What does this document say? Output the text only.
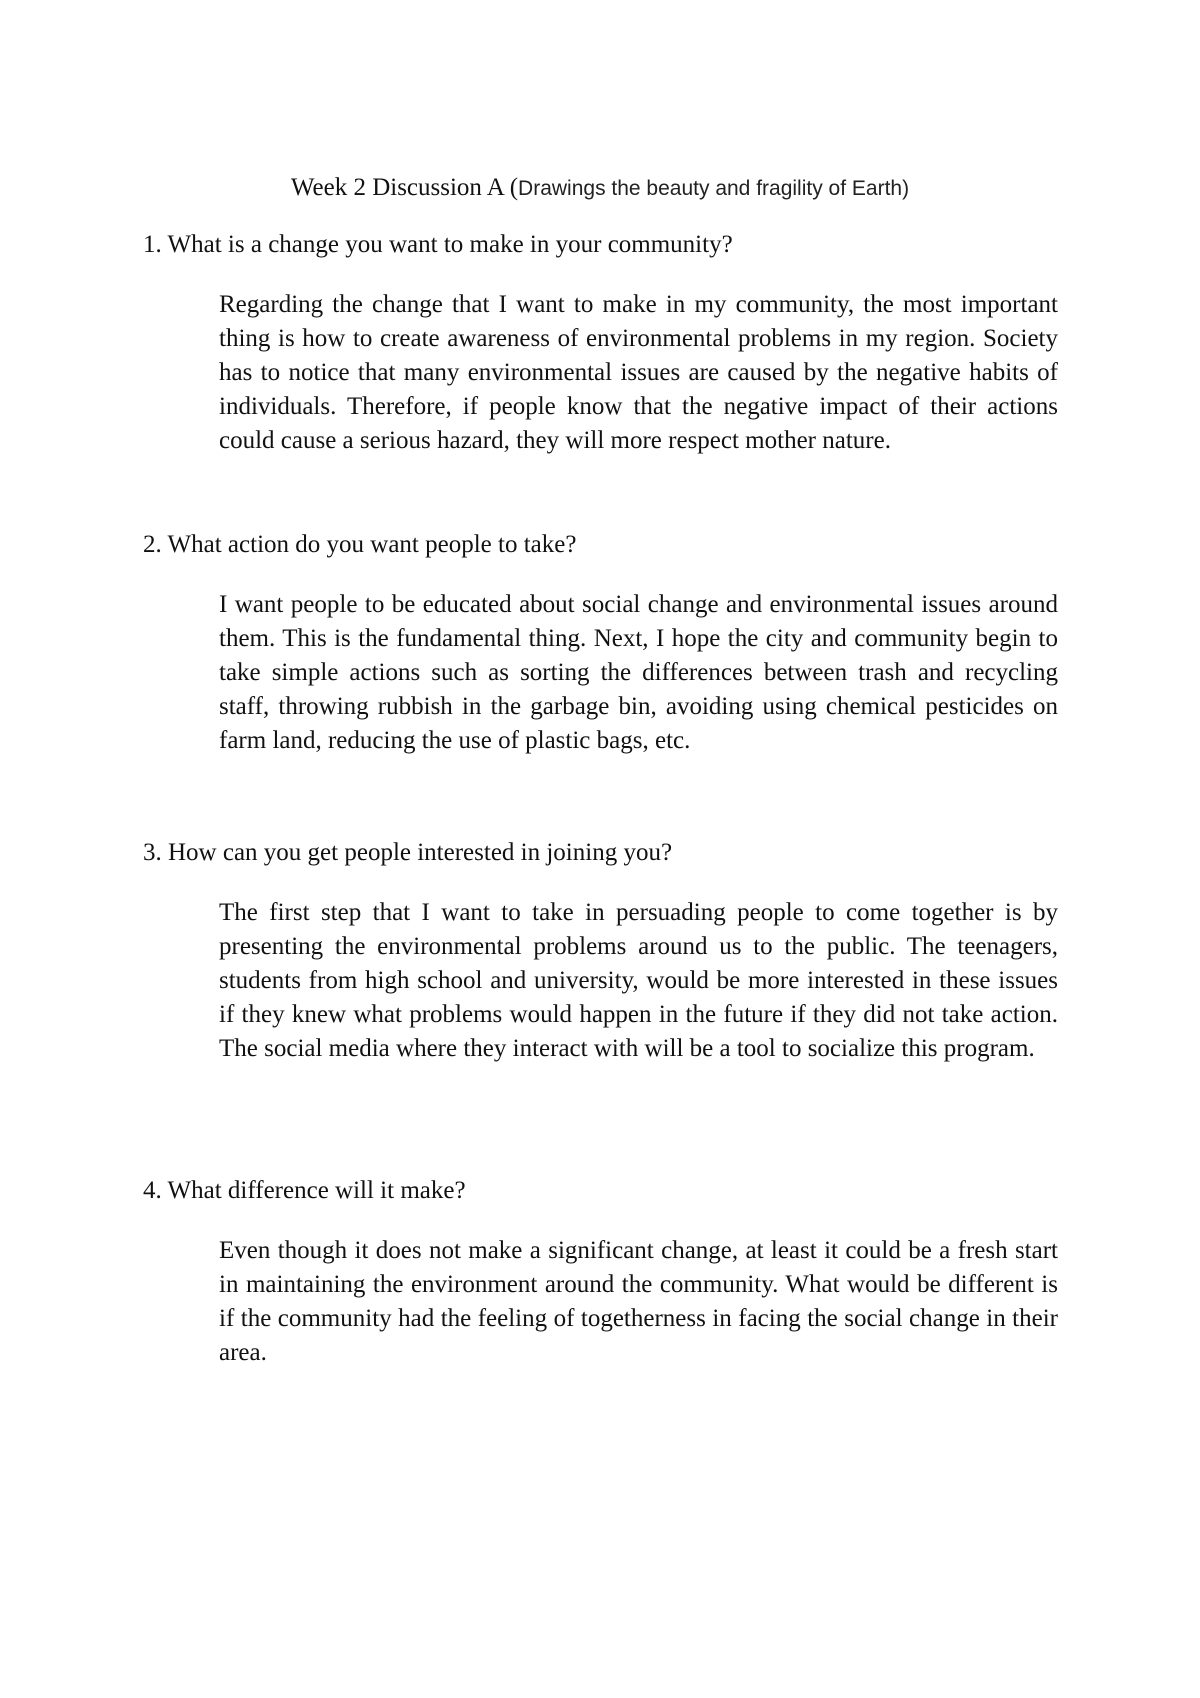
Week 2 Discussion A (Drawings the beauty and fragility of Earth)
1. What is a change you want to make in your community?
Regarding the change that I want to make in my community, the most important thing is how to create awareness of environmental problems in my region. Society has to notice that many environmental issues are caused by the negative habits of individuals. Therefore, if people know that the negative impact of their actions could cause a serious hazard, they will more respect mother nature.
2. What action do you want people to take?
I want people to be educated about social change and environmental issues around them. This is the fundamental thing. Next, I hope the city and community begin to take simple actions such as sorting the differences between trash and recycling staff, throwing rubbish in the garbage bin, avoiding using chemical pesticides on farm land, reducing the use of plastic bags, etc.
3. How can you get people interested in joining you?
The first step that I want to take in persuading people to come together is by presenting the environmental problems around us to the public. The teenagers, students from high school and university, would be more interested in these issues if they knew what problems would happen in the future if they did not take action. The social media where they interact with will be a tool to socialize this program.
4. What difference will it make?
Even though it does not make a significant change, at least it could be a fresh start in maintaining the environment around the community. What would be different is if the community had the feeling of togetherness in facing the social change in their area.
